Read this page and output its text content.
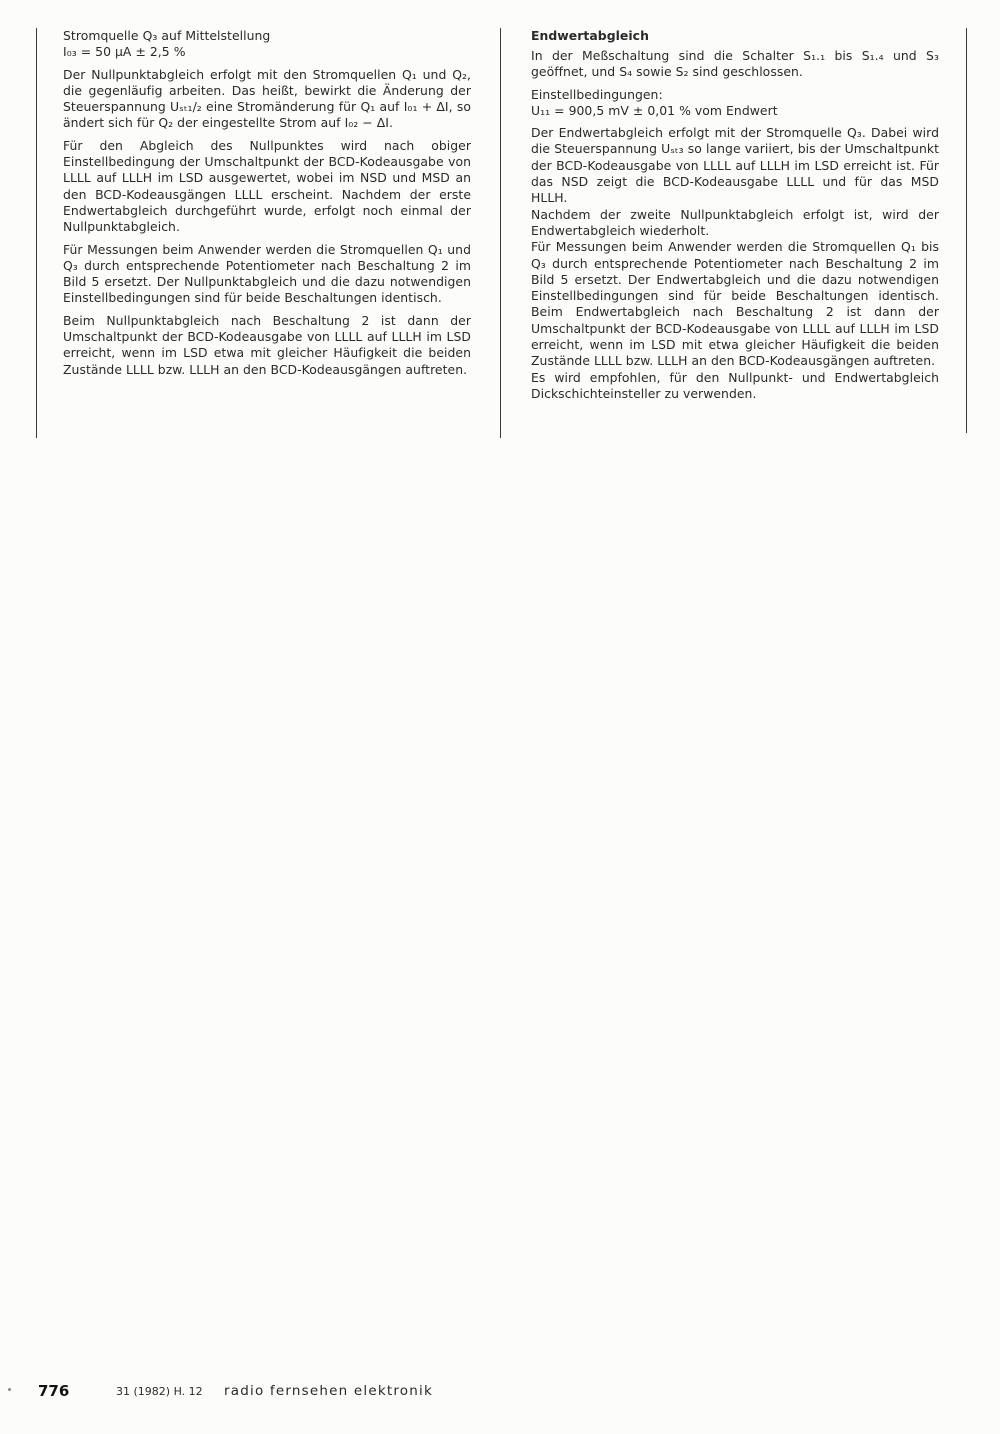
Stromquelle Q₃ auf Mittelstellung

I₀₃ = 50 μA ± 2,5 %

Der Nullpunktabgleich erfolgt mit den Stromquellen Q₁ und Q₂, die gegenläufig arbeiten. Das heißt, bewirkt die Änderung der Steuerspannung Uₛₜ₁/₂ eine Stromänderung für Q₁ auf I₀₁ + ΔI, so ändert sich für Q₂ der eingestellte Strom auf I₀₂ − ΔI.

Für den Abgleich des Nullpunktes wird nach obiger Einstellbedingung der Umschaltpunkt der BCD-Kodeausgabe von LLLL auf LLLH im LSD ausgewertet, wobei im NSD und MSD an den BCD-Kodeausgängen LLLL erscheint. Nachdem der erste Endwertabgleich durchgeführt wurde, erfolgt noch einmal der Nullpunktabgleich.

Für Messungen beim Anwender werden die Stromquellen Q₁ und Q₃ durch entsprechende Potentiometer nach Beschaltung 2 im Bild 5 ersetzt. Der Nullpunktabgleich und die dazu notwendigen Einstellbedingungen sind für beide Beschaltungen identisch.

Beim Nullpunktabgleich nach Beschaltung 2 ist dann der Umschaltpunkt der BCD-Kodeausgabe von LLLL auf LLLH im LSD erreicht, wenn im LSD etwa mit gleicher Häufigkeit die beiden Zustände LLLL bzw. LLLH an den BCD-Kodeausgängen auftreten.

Endwertabgleich

In der Meßschaltung sind die Schalter S₁.₁ bis S₁.₄ und S₃ geöffnet, und S₄ sowie S₂ sind geschlossen.

Einstellbedingungen:

U₁₁ = 900,5 mV ± 0,01 % vom Endwert

Der Endwertabgleich erfolgt mit der Stromquelle Q₃. Dabei wird die Steuerspannung Uₛₜ₃ so lange variiert, bis der Umschaltpunkt der BCD-Kodeausgabe von LLLL auf LLLH im LSD erreicht ist. Für das NSD zeigt die BCD-Kodeausgabe LLLL und für das MSD HLLH.

Nachdem der zweite Nullpunktabgleich erfolgt ist, wird der Endwertabgleich wiederholt.

Für Messungen beim Anwender werden die Stromquellen Q₁ bis Q₃ durch entsprechende Potentiometer nach Beschaltung 2 im Bild 5 ersetzt. Der Endwertabgleich und die dazu notwendigen Einstellbedingungen sind für beide Beschaltungen identisch. Beim Endwertabgleich nach Beschaltung 2 ist dann der Umschaltpunkt der BCD-Kodeausgabe von LLLL auf LLLH im LSD erreicht, wenn im LSD mit etwa gleicher Häufigkeit die beiden Zustände LLLL bzw. LLLH an den BCD-Kodeausgängen auftreten.

Es wird empfohlen, für den Nullpunkt- und Endwertabgleich Dickschichteinsteller zu verwenden.

776	31 (1982) H. 12 radio fernsehen elektronik
